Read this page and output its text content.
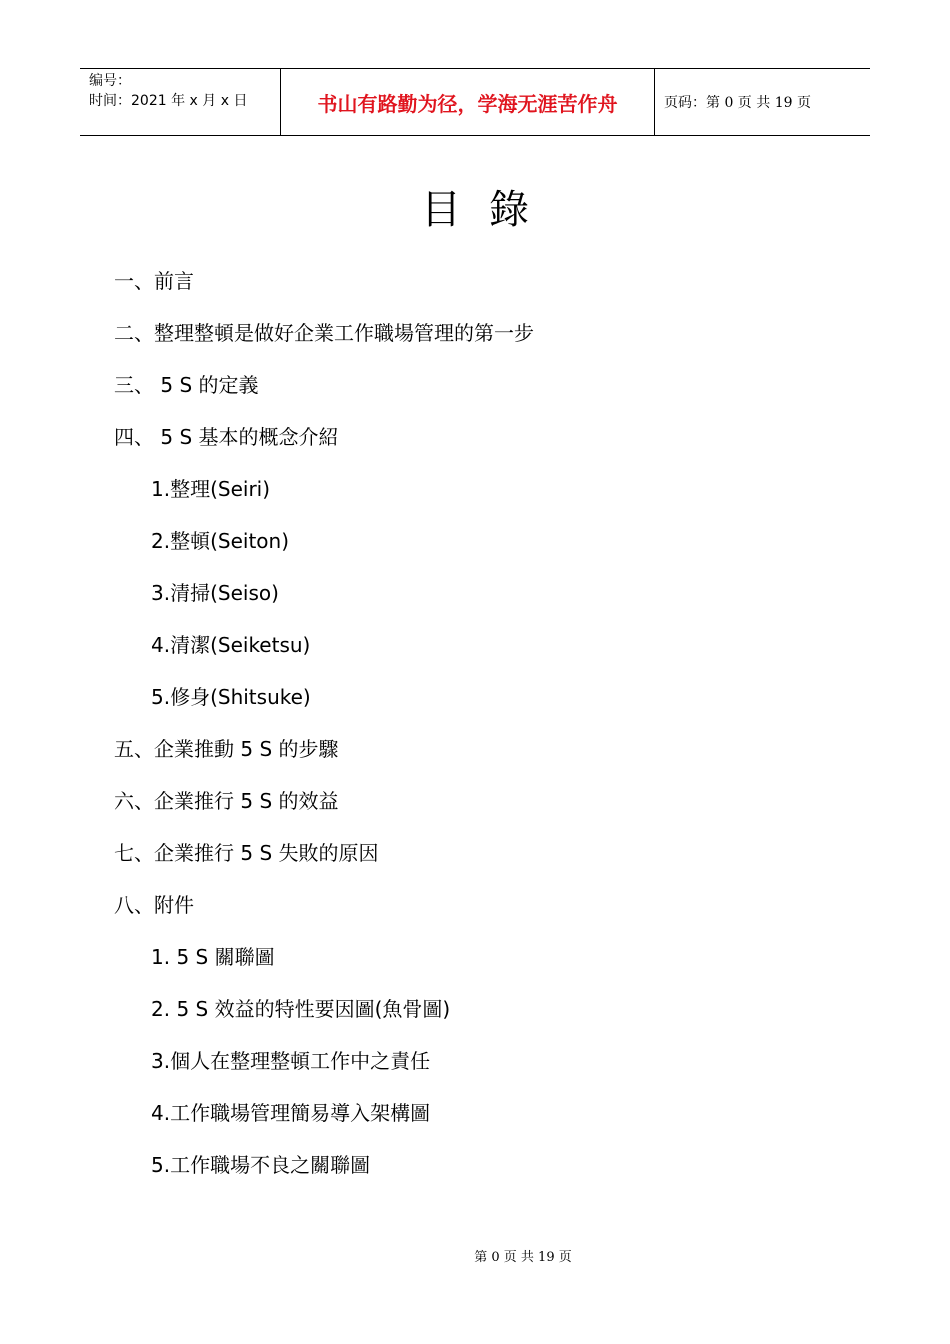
编号：
时间：2021 年 x 月 x 日	书山有路勤为径，学海无涯苦作舟	页码：第 0 页 共 19 页
目錄
一、前言
二、整理整頓是做好企業工作職場管理的第一步
三、 5 S 的定義
四、 5 S 基本的概念介紹
1.整理(Seiri)
2.整頓(Seiton)
3.清掃(Seiso)
4.清潔(Seiketsu)
5.修身(Shitsuke)
五、企業推動 5 S 的步驟
六、企業推行 5 S 的效益
七、企業推行 5 S 失敗的原因
八、附件
1. 5 S 關聯圖
2. 5 S 效益的特性要因圖(魚骨圖)
3.個人在整理整頓工作中之責任
4.工作職場管理簡易導入架構圖
5.工作職場不良之關聯圖
第 0 页 共 19 页
